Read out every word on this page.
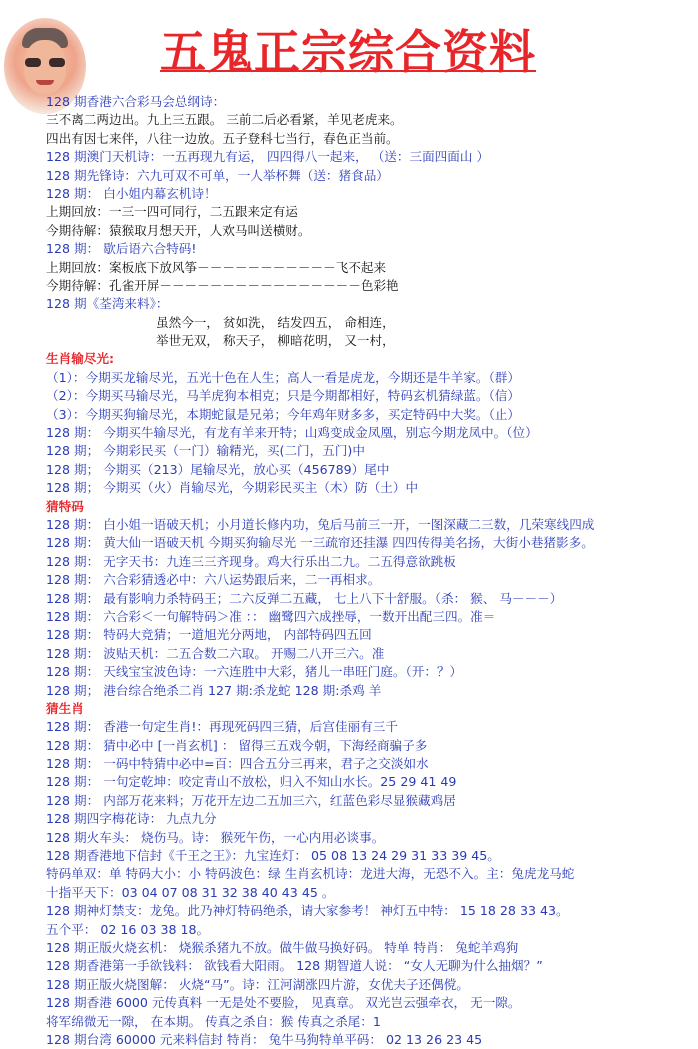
五鬼正宗综合资料
128 期香港六合彩马会总纲诗：
三不离二两边出。九上三五跟。 三前二后必看紧，羊见老虎来。
四出有因七来伴，八往一边放。五子登科七当行，春色正当前。
128 期澳门天机诗：一五再现九有运， 四四得八一起来， （送：三面四面山 ）
128 期先锋诗：六九可双不可单，一人举杯舞（送：猪食品）
128 期： 白小姐内幕玄机诗！
上期回放：一三一四可同行，二五跟来定有运
今期待解：猿猴取月想天开，人欢马叫送横财。
128 期： 歇后语六合特码!
上期回放：案板底下放风筝－－－－－－－－－－－飞不起来
今期待解：孔雀开屏－－－－－－－－－－－－－－－－色彩艳
128 期《荃湾来料》：
虽然今一， 贫如洗， 结发四五， 命相连，
举世无双， 称天子， 柳暗花明， 又一村，
生肖输尽光:
（1）：今期买龙输尽光，五光十色在人生；高人一看是虎龙，今期还是牛羊家。（群）
（2）：今期买马输尽光，马羊虎狗本相克；只是今期都相好，特码玄机猜绿蓝。（信）
（3）：今期买狗输尽光，本期蛇鼠是兄弟；今年鸡年财多多，买定特码中大奖。（止）
128 期： 今期买牛输尽光，有龙有羊来开特；山鸡变成金凤凰，别忘今期龙凤中。（位）
128 期； 今期彩民买（一门）输精光，买(二门，五门)中
128 期； 今期买（213）尾输尽光，放心买（456789）尾中
128 期； 今期买（火）肖输尽光，今期彩民买主（木）防（土）中
猜特码
128 期： 白小姐一语破天机；小月道长修内功，兔后马前三一开，一图深藏二三数，几荣寒线四成
128 期： 黄大仙一语破天机 今期买狗输尽光 一三疏帘还挂瀑 四四传得美名扬，大街小巷猪影多。
128 期： 无字天书：九连三三齐现身。鸡大行乐出二九。二五得意欲跳板
128 期： 六合彩猜透必中：六八运势跟后来，二一再相求。
128 期： 最有影响力杀特码王；二六反弹二五藏， 七上八下十舒服。（杀： 猴、 马－－－）
128 期： 六合彩＜一句解特码＞准 ：： 幽鹭四六成挫辱，一数开出配三四。准＝
128 期： 特码大竞猜；一道旭光分两地， 内部特码四五回
128 期： 波贴天机：二五合数二六取。 开赐二八开三六。准
128 期： 天线宝宝波色诗：一六连胜中大彩，猪儿一串旺门庭。（开：？）
128 期； 港台综合绝杀二肖 127 期:杀龙蛇 128 期:杀鸡 羊
猜生肖
128 期： 香港一句定生肖!：再现死码四三猜，后宫佳丽有三千
128 期： 猜中必中 [一肖玄机] ： 留得三五戏今朝，下海经商骗子多
128 期： 一码中特猜中必中=百：四合五分三再来，君子之交淡如水
128 期： 一句定乾坤：咬定青山不放松，归入不知山水长。25 29 41 49
128 期： 内部万花来料；万花开左边二五加三六，红蓝色彩尽显猴藏鸡居
128 期四字梅花诗： 九点九分
128 期火车头： 烧伤马。诗： 猴死午伤，一心内用必谈事。
128 期香港地下信封《千王之王》：九宝连灯： 05 08 13 24 29 31 33 39 45。
特码单双：单 特码大小：小 特码波色：绿 生肖玄机诗：龙进大海，无恐不入。主：兔虎龙马蛇
十指平天下：03 04 07 08 31 32 38 40 43 45 。
128 期神灯禁支：龙兔。此乃神灯特码绝杀，请大家参考！ 神灯五中特： 15 18 28 33 43。
五个平： 02 16 03 38 18。
128 期正版火烧玄机： 烧猴杀猪九不放。做牛做马换好码。 特单 特肖： 兔蛇羊鸡狗
128 期香港第一手欲钱料： 欲钱看大阳雨。 128 期智道人说： “女人无聊为什么抽烟？”
128 期正版火烧图解： 火烧“马”。诗：江河湖涨四片游，女优夫子还偶傥。
128 期香港 6000 元传真料 一无是处不要脸， 见真章。 双光岂云强牵衣， 无一隙。
将军绵微无一隙， 在本期。 传真之杀自：猴 传真之杀尾：1
128 期台湾 60000 元来料信封 特肖： 兔牛马狗特单平码： 02 13 26 23 45
